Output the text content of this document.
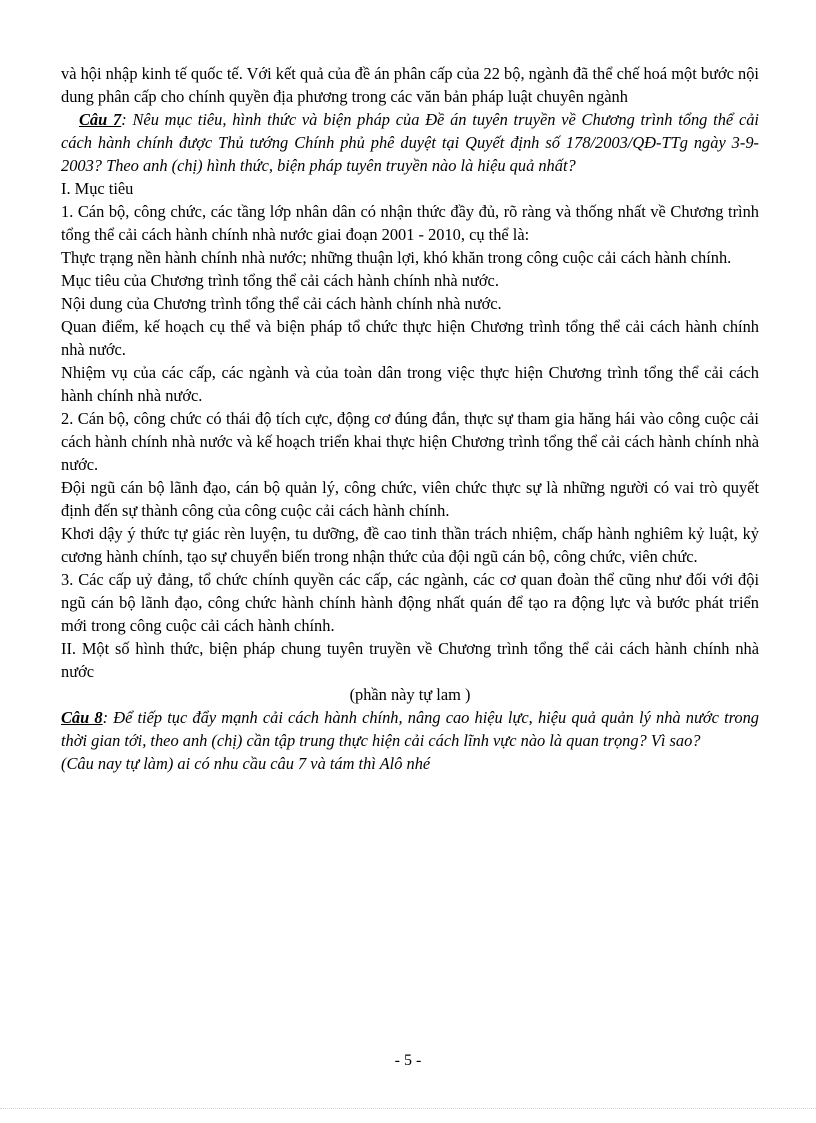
và hội nhập kinh tế quốc tế. Với kết quả của đề án phân cấp của 22 bộ, ngành đã thể chế hoá một bước nội dung phân cấp cho chính quyền địa phương trong các văn bản pháp luật chuyên ngành

Câu 7: Nêu mục tiêu, hình thức và biện pháp của Đề án tuyên truyền về Chương trình tổng thể cải cách hành chính được Thủ tướng Chính phủ phê duyệt tại Quyết định số 178/2003/QĐ-TTg ngày 3-9-2003? Theo anh (chị) hình thức, biện pháp tuyên truyền nào là hiệu quả nhất?

I. Mục tiêu

1. Cán bộ, công chức, các tầng lớp nhân dân có nhận thức đầy đủ, rõ ràng và thống nhất về Chương trình tổng thể cải cách hành chính nhà nước giai đoạn 2001 - 2010, cụ thể là:

Thực trạng nền hành chính nhà nước; những thuận lợi, khó khăn trong công cuộc cải cách hành chính.

Mục tiêu của Chương trình tổng thể cải cách hành chính nhà nước.

Nội dung của Chương trình tổng thể cải cách hành chính nhà nước.

Quan điểm, kế hoạch cụ thể và biện pháp tổ chức thực hiện Chương trình tổng thể cải cách hành chính nhà nước.

Nhiệm vụ của các cấp, các ngành và của toàn dân trong việc thực hiện Chương trình tổng thể cải cách hành chính nhà nước.

2. Cán bộ, công chức có thái độ tích cực, động cơ đúng đắn, thực sự tham gia hăng hái vào công cuộc cải cách hành chính nhà nước và kế hoạch triển khai thực hiện Chương trình tổng thể cải cách hành chính nhà nước.

Đội ngũ cán bộ lãnh đạo, cán bộ quản lý, công chức, viên chức thực sự là những người có vai trò quyết định đến sự thành công của công cuộc cải cách hành chính.

Khơi dậy ý thức tự giác rèn luyện, tu dưỡng, đề cao tinh thần trách nhiệm, chấp hành nghiêm kỷ luật, kỷ cương hành chính, tạo sự chuyển biến trong nhận thức của đội ngũ cán bộ, công chức, viên chức.

3. Các cấp uỷ đảng, tổ chức chính quyền các cấp, các ngành, các cơ quan đoàn thể cũng như đối với đội ngũ cán bộ lãnh đạo, công chức hành chính hành động nhất quán để tạo ra động lực và bước phát triển mới trong công cuộc cải cách hành chính.

II. Một số hình thức, biện pháp chung tuyên truyền về Chương trình tổng thể cải cách hành chính nhà nước

(phần này tự lam )

Câu 8: Để tiếp tục đẩy mạnh cải cách hành chính, nâng cao hiệu lực, hiệu quả quản lý nhà nước trong thời gian tới, theo anh (chị) cần tập trung thực hiện cải cách lĩnh vực nào là quan trọng? Vì sao?

(Câu nay tự làm) ai có nhu cầu câu 7 và tám thì Alô nhé

- 5 -
